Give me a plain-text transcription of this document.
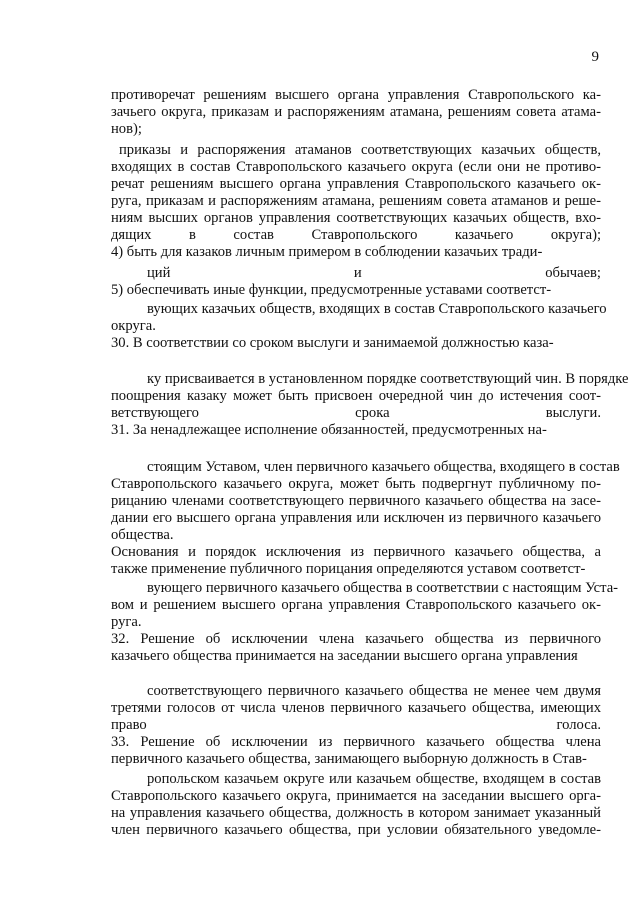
9
противоречат решениям высшего органа управления Ставропольского ка-
зачьего округа, приказам и распоряжениям атамана, решениям совета атама-
нов);
приказы и распоряжения атаманов соответствующих казачьих обществ,
входящих в состав Ставропольского казачьего округа (если они не противо-
речат решениям высшего органа управления Ставропольского казачьего ок-
руга, приказам и распоряжениям атамана, решениям совета атаманов и реше-
ниям высших органов управления соответствующих казачьих обществ, вхо-
дящих в состав Ставропольского казачьего округа);
4) быть для казаков личным примером в соблюдении казачьих тради-
ций и обычаев;
5) обеспечивать иные функции, предусмотренные уставами соответст-
вующих казачьих обществ, входящих в состав Ставропольского казачьего
округа.
30. В соответствии со сроком выслуги и занимаемой должностью каза-
ку присваивается в установленном порядке соответствующий чин. В порядке
поощрения казаку может быть присвоен очередной чин до истечения соот-
ветствующего срока выслуги.
31. За ненадлежащее исполнение обязанностей, предусмотренных на-
стоящим Уставом, член первичного казачьего общества, входящего в состав
Ставропольского казачьего округа, может быть подвергнут публичному по-
рицанию членами соответствующего первичного казачьего общества на засе-
дании его высшего органа управления или исключен из первичного казачьего
общества.
Основания и порядок исключения из первичного казачьего общества, а
также применение публичного порицания определяются уставом соответст-
вующего первичного казачьего общества в соответствии с настоящим Уста-
вом и решением высшего органа управления Ставропольского казачьего ок-
руга.
32. Решение об исключении члена казачьего общества из первичного
казачьего общества принимается на заседании высшего органа управления
соответствующего первичного казачьего общества не менее чем двумя
третями голосов от числа членов первичного казачьего общества, имеющих
право голоса.
33. Решение об исключении из первичного казачьего общества члена
первичного казачьего общества, занимающего выборную должность в Став-
ропольском казачьем округе или казачьем обществе, входящем в состав
Ставропольского казачьего округа, принимается на заседании высшего орга-
на управления казачьего общества, должность в котором занимает указанный
член первичного казачьего общества, при условии обязательного уведомле-
